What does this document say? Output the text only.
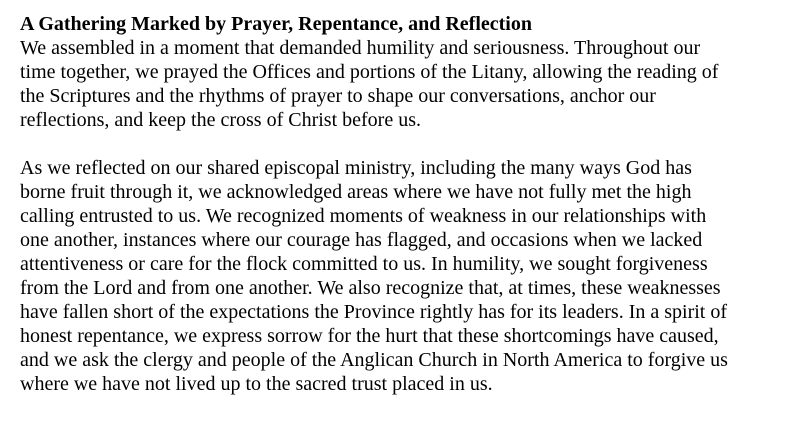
A Gathering Marked by Prayer, Repentance, and Reflection

We assembled in a moment that demanded humility and seriousness. Throughout our
time together, we prayed the Offices and portions of the Litany, allowing the reading of
the Scriptures and the rhythms of prayer to shape our conversations, anchor our
reflections, and keep the cross of Christ before us.

As we reflected on our shared episcopal ministry, including the many ways God has
borne fruit through it, we acknowledged areas where we have not fully met the high
calling entrusted to us. We recognized moments of weakness in our relationships with
one another, instances where our courage has flagged, and occasions when we lacked
attentiveness or care for the flock committed to us. In humility, we sought forgiveness
from the Lord and from one another. We also recognize that, at times, these weaknesses
have fallen short of the expectations the Province rightly has for its leaders. In a spirit of
honest repentance, we express sorrow for the hurt that these shortcomings have caused,
and we ask the clergy and people of the Anglican Church in North America to forgive us
where we have not lived up to the sacred trust placed in us.
